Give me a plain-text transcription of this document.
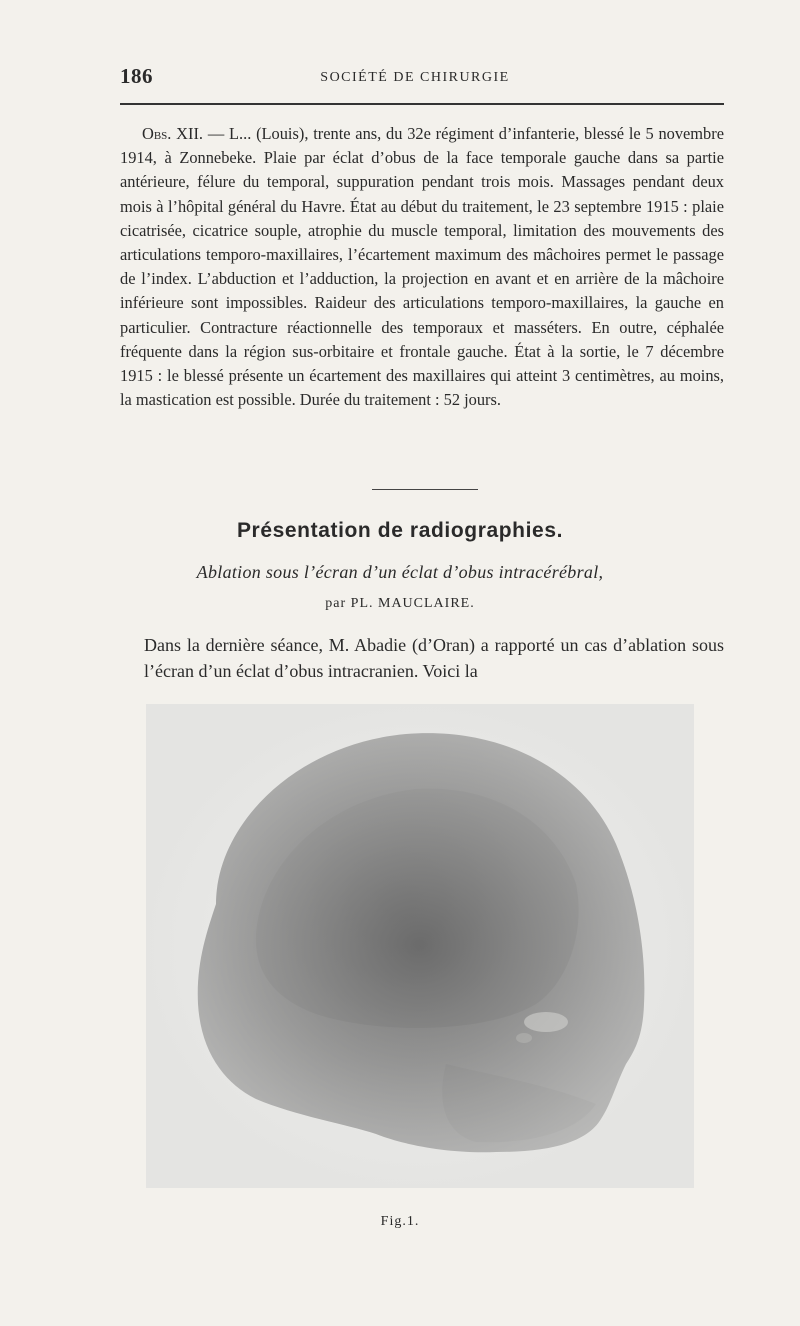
186	SOCIÉTÉ DE CHIRURGIE

Obs. XII. — L... (Louis), trente ans, du 32e régiment d’infanterie, blessé le 5 novembre 1914, à Zonnebeke. Plaie par éclat d’obus de la face temporale gauche dans sa partie antérieure, félure du temporal, suppuration pendant trois mois. Massages pendant deux mois à l’hôpital général du Havre. État au début du traitement, le 23 septembre 1915 : plaie cicatrisée, cicatrice souple, atrophie du muscle temporal, limitation des mouvements des articulations temporo-maxillaires, l’écartement maximum des mâchoires permet le passage de l’index. L’abduction et l’adduction, la projection en avant et en arrière de la mâchoire inférieure sont impossibles. Raideur des articulations temporo-maxillaires, la gauche en particulier. Contracture réactionnelle des temporaux et masséters. En outre, céphalée fréquente dans la région sus-orbitaire et frontale gauche. État à la sortie, le 7 décembre 1915 : le blessé présente un écartement des maxillaires qui atteint 3 centimètres, au moins, la mastication est possible. Durée du traitement : 52 jours.

Présentation de radiographies.
Ablation sous l’écran d’un éclat d’obus intracérébral,
par PL. MAUCLAIRE.

Dans la dernière séance, M. Abadie (d’Oran) a rapporté un cas d’ablation sous l’écran d’un éclat d’obus intracranien. Voici la

Fig.1.
